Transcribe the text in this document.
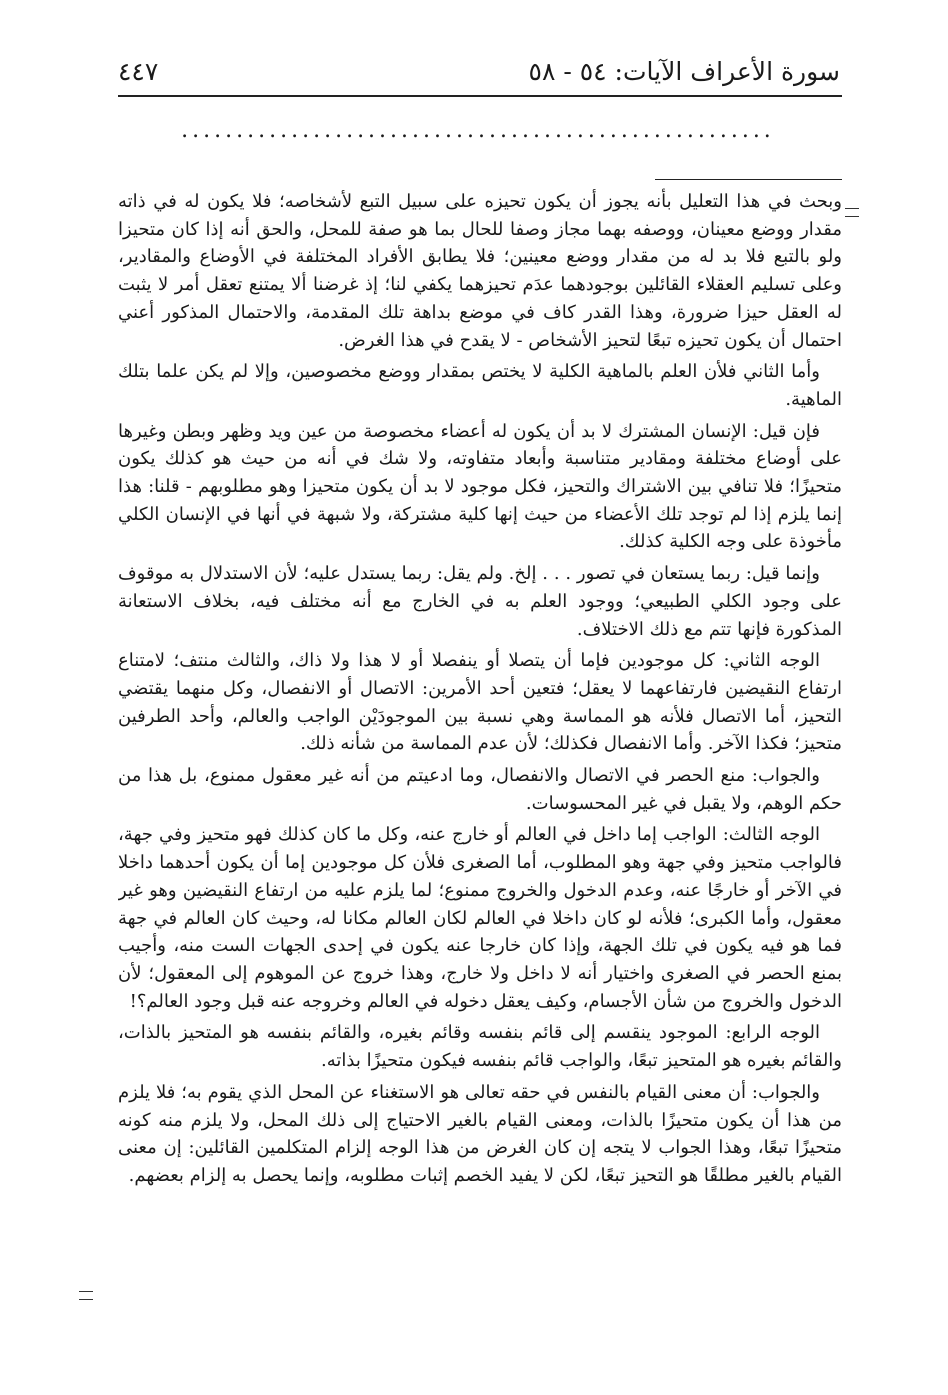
سورة الأعراف الآيات: ٥٤ - ٥٨
٤٤٧
......................................................

وبحث في هذا التعليل بأنه يجوز أن يكون تحيزه على سبيل التبع لأشخاصه؛ فلا يكون له في ذاته مقدار ووضع معينان، ووصفه بهما مجاز وصفا للحال بما هو صفة للمحل، والحق أنه إذا كان متحيزا ولو بالتبع فلا بد له من مقدار ووضع معينين؛ فلا يطابق الأفراد المختلفة في الأوضاع والمقادير، وعلى تسليم العقلاء القائلين بوجودهما عدَم تحيزهما يكفي لنا؛ إذ غرضنا ألا يمتنع تعقل أمر لا يثبت له العقل حيزا ضرورة، وهذا القدر كاف في موضع بداهة تلك المقدمة، والاحتمال المذكور أعني احتمال أن يكون تحيزه تبعًا لتحيز الأشخاص - لا يقدح في هذا الغرض.

وأما الثاني فلأن العلم بالماهية الكلية لا يختص بمقدار ووضع مخصوصين، وإلا لم يكن علما بتلك الماهية.

فإن قيل: الإنسان المشترك لا بد أن يكون له أعضاء مخصوصة من عين ويد وظهر وبطن وغيرها على أوضاع مختلفة ومقادير متناسبة وأبعاد متفاوته، ولا شك في أنه من حيث هو كذلك يكون متحيزًا؛ فلا تنافي بين الاشتراك والتحيز، فكل موجود لا بد أن يكون متحيزا وهو مطلوبهم - قلنا: هذا إنما يلزم إذا لم توجد تلك الأعضاء من حيث إنها كلية مشتركة، ولا شبهة في أنها في الإنسان الكلي مأخوذة على وجه الكلية كذلك.

وإنما قيل: ربما يستعان في تصور . . . إلخ. ولم يقل: ربما يستدل عليه؛ لأن الاستدلال به موقوف على وجود الكلي الطبيعي؛ ووجود العلم به في الخارج مع أنه مختلف فيه، بخلاف الاستعانة المذكورة فإنها تتم مع ذلك الاختلاف.

الوجه الثاني: كل موجودين فإما أن يتصلا أو ينفصلا أو لا هذا ولا ذاك، والثالث منتف؛ لامتناع ارتفاع النقيضين فارتفاعهما لا يعقل؛ فتعين أحد الأمرين: الاتصال أو الانفصال، وكل منهما يقتضي التحيز، أما الاتصال فلأنه هو المماسة وهي نسبة بين الموجودَيْن الواجب والعالم، وأحد الطرفين متحيز؛ فكذا الآخر. وأما الانفصال فكذلك؛ لأن عدم المماسة من شأنه ذلك.

والجواب: منع الحصر في الاتصال والانفصال، وما ادعيتم من أنه غير معقول ممنوع، بل هذا من حكم الوهم، ولا يقبل في غير المحسوسات.

الوجه الثالث: الواجب إما داخل في العالم أو خارج عنه، وكل ما كان كذلك فهو متحيز وفي جهة، فالواجب متحيز وفي جهة وهو المطلوب، أما الصغرى فلأن كل موجودين إما أن يكون أحدهما داخلا في الآخر أو خارجًا عنه، وعدم الدخول والخروج ممنوع؛ لما يلزم عليه من ارتفاع النقيضين وهو غير معقول، وأما الكبرى؛ فلأنه لو كان داخلا في العالم لكان العالم مكانا له، وحيث كان العالم في جهة فما هو فيه يكون في تلك الجهة، وإذا كان خارجا عنه يكون في إحدى الجهات الست منه، وأجيب بمنع الحصر في الصغرى واختيار أنه لا داخل ولا خارج، وهذا خروج عن الموهوم إلى المعقول؛ لأن الدخول والخروج من شأن الأجسام، وكيف يعقل دخوله في العالم وخروجه عنه قبل وجود العالم؟!

الوجه الرابع: الموجود ينقسم إلى قائم بنفسه وقائم بغيره، والقائم بنفسه هو المتحيز بالذات، والقائم بغيره هو المتحيز تبعًا، والواجب قائم بنفسه فيكون متحيزًا بذاته.

والجواب: أن معنى القيام بالنفس في حقه تعالى هو الاستغناء عن المحل الذي يقوم به؛ فلا يلزم من هذا أن يكون متحيزًا بالذات، ومعنى القيام بالغير الاحتياج إلى ذلك المحل، ولا يلزم منه كونه متحيزًا تبعًا، وهذا الجواب لا يتجه إن كان الغرض من هذا الوجه إلزام المتكلمين القائلين: إن معنى القيام بالغير مطلقًا هو التحيز تبعًا، لكن لا يفيد الخصم إثبات مطلوبه، وإنما يحصل به إلزام بعضهم.
